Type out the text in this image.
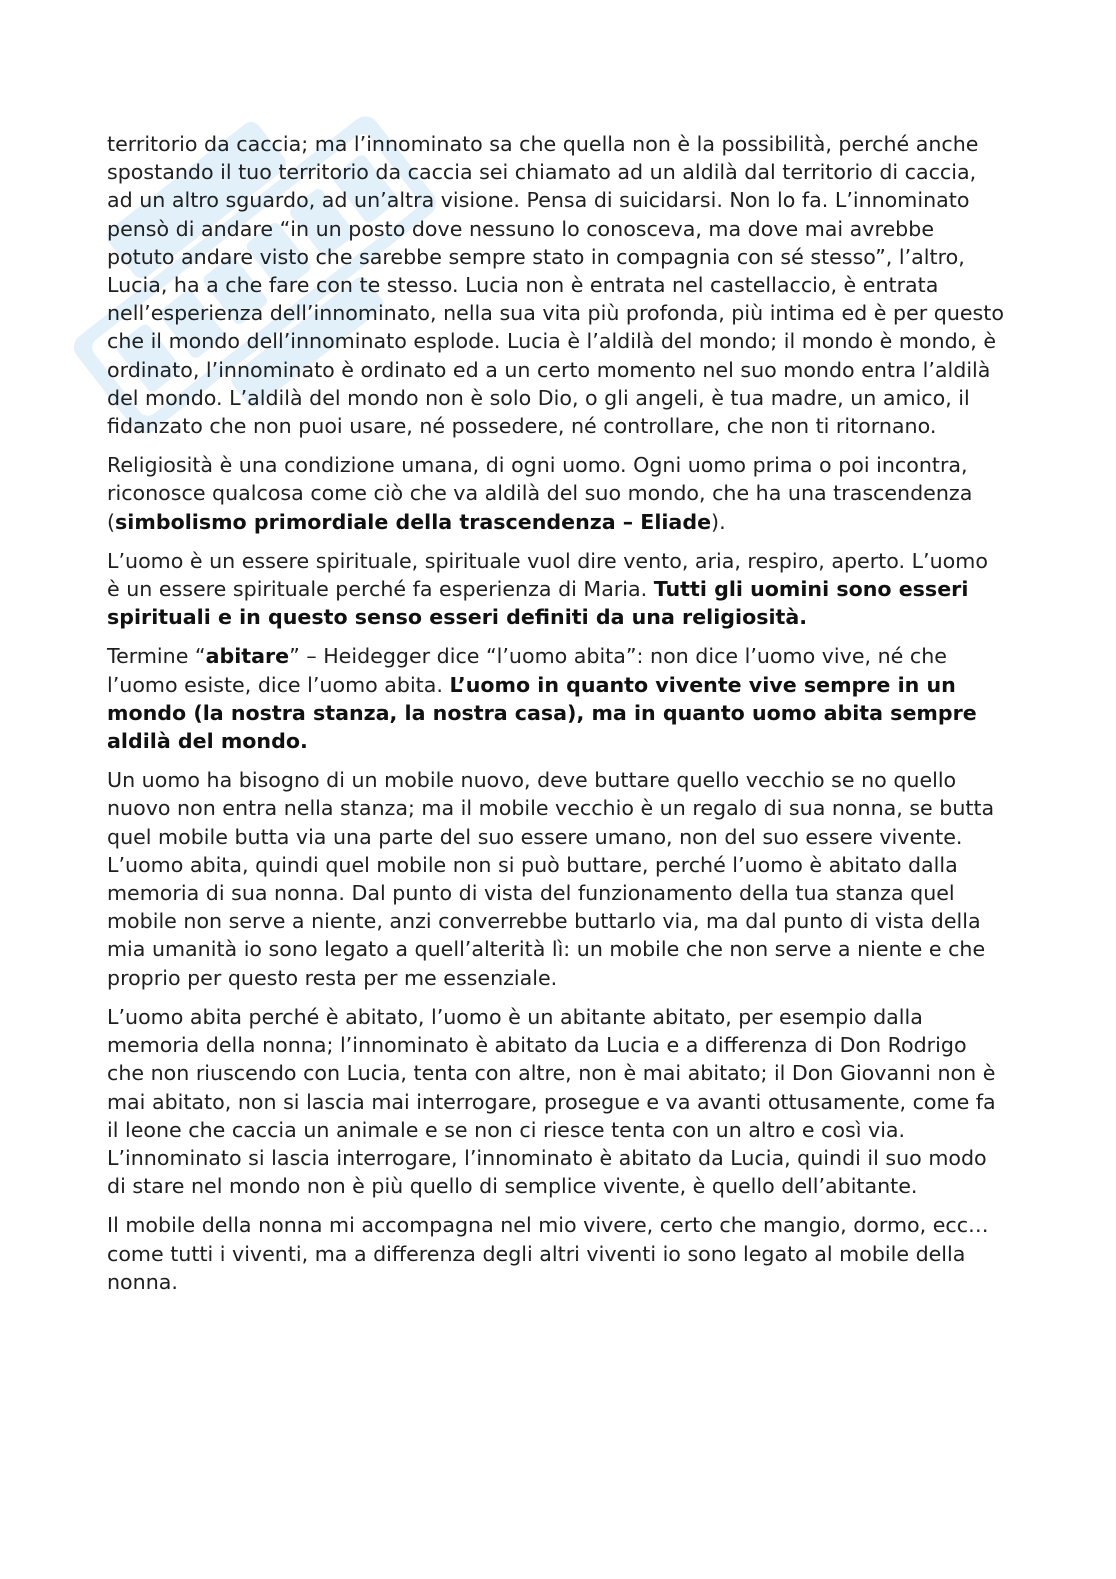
territorio da caccia; ma l’innominato sa che quella non è la possibilità, perché anche spostando il tuo territorio da caccia sei chiamato ad un aldilà dal territorio di caccia, ad un altro sguardo, ad un’altra visione. Pensa di suicidarsi. Non lo fa. L’innominato pensò di andare “in un posto dove nessuno lo conosceva, ma dove mai avrebbe potuto andare visto che sarebbe sempre stato in compagnia con sé stesso”, l’altro, Lucia, ha a che fare con te stesso. Lucia non è entrata nel castellaccio, è entrata nell’esperienza dell’innominato, nella sua vita più profonda, più intima ed è per questo che il mondo dell’innominato esplode. Lucia è l’aldilà del mondo; il mondo è mondo, è ordinato, l’innominato è ordinato ed a un certo momento nel suo mondo entra l’aldilà del mondo. L’aldilà del mondo non è solo Dio, o gli angeli, è tua madre, un amico, il fidanzato che non puoi usare, né possedere, né controllare, che non ti ritornano.

Religiosità è una condizione umana, di ogni uomo. Ogni uomo prima o poi incontra, riconosce qualcosa come ciò che va aldilà del suo mondo, che ha una trascendenza (simbolismo primordiale della trascendenza – Eliade).

L’uomo è un essere spirituale, spirituale vuol dire vento, aria, respiro, aperto. L’uomo è un essere spirituale perché fa esperienza di Maria. Tutti gli uomini sono esseri spirituali e in questo senso esseri definiti da una religiosità.

Termine “abitare” – Heidegger dice “l’uomo abita”: non dice l’uomo vive, né che l’uomo esiste, dice l’uomo abita. L’uomo in quanto vivente vive sempre in un mondo (la nostra stanza, la nostra casa), ma in quanto uomo abita sempre aldilà del mondo.

Un uomo ha bisogno di un mobile nuovo, deve buttare quello vecchio se no quello nuovo non entra nella stanza; ma il mobile vecchio è un regalo di sua nonna, se butta quel mobile butta via una parte del suo essere umano, non del suo essere vivente. L’uomo abita, quindi quel mobile non si può buttare, perché l’uomo è abitato dalla memoria di sua nonna. Dal punto di vista del funzionamento della tua stanza quel mobile non serve a niente, anzi converrebbe buttarlo via, ma dal punto di vista della mia umanità io sono legato a quell’alterità lì: un mobile che non serve a niente e che proprio per questo resta per me essenziale.

L’uomo abita perché è abitato, l’uomo è un abitante abitato, per esempio dalla memoria della nonna; l’innominato è abitato da Lucia e a differenza di Don Rodrigo che non riuscendo con Lucia, tenta con altre, non è mai abitato; il Don Giovanni non è mai abitato, non si lascia mai interrogare, prosegue e va avanti ottusamente, come fa il leone che caccia un animale e se non ci riesce tenta con un altro e così via. L’innominato si lascia interrogare, l’innominato è abitato da Lucia, quindi il suo modo di stare nel mondo non è più quello di semplice vivente, è quello dell’abitante.

Il mobile della nonna mi accompagna nel mio vivere, certo che mangio, dormo, ecc… come tutti i viventi, ma a differenza degli altri viventi io sono legato al mobile della nonna.
